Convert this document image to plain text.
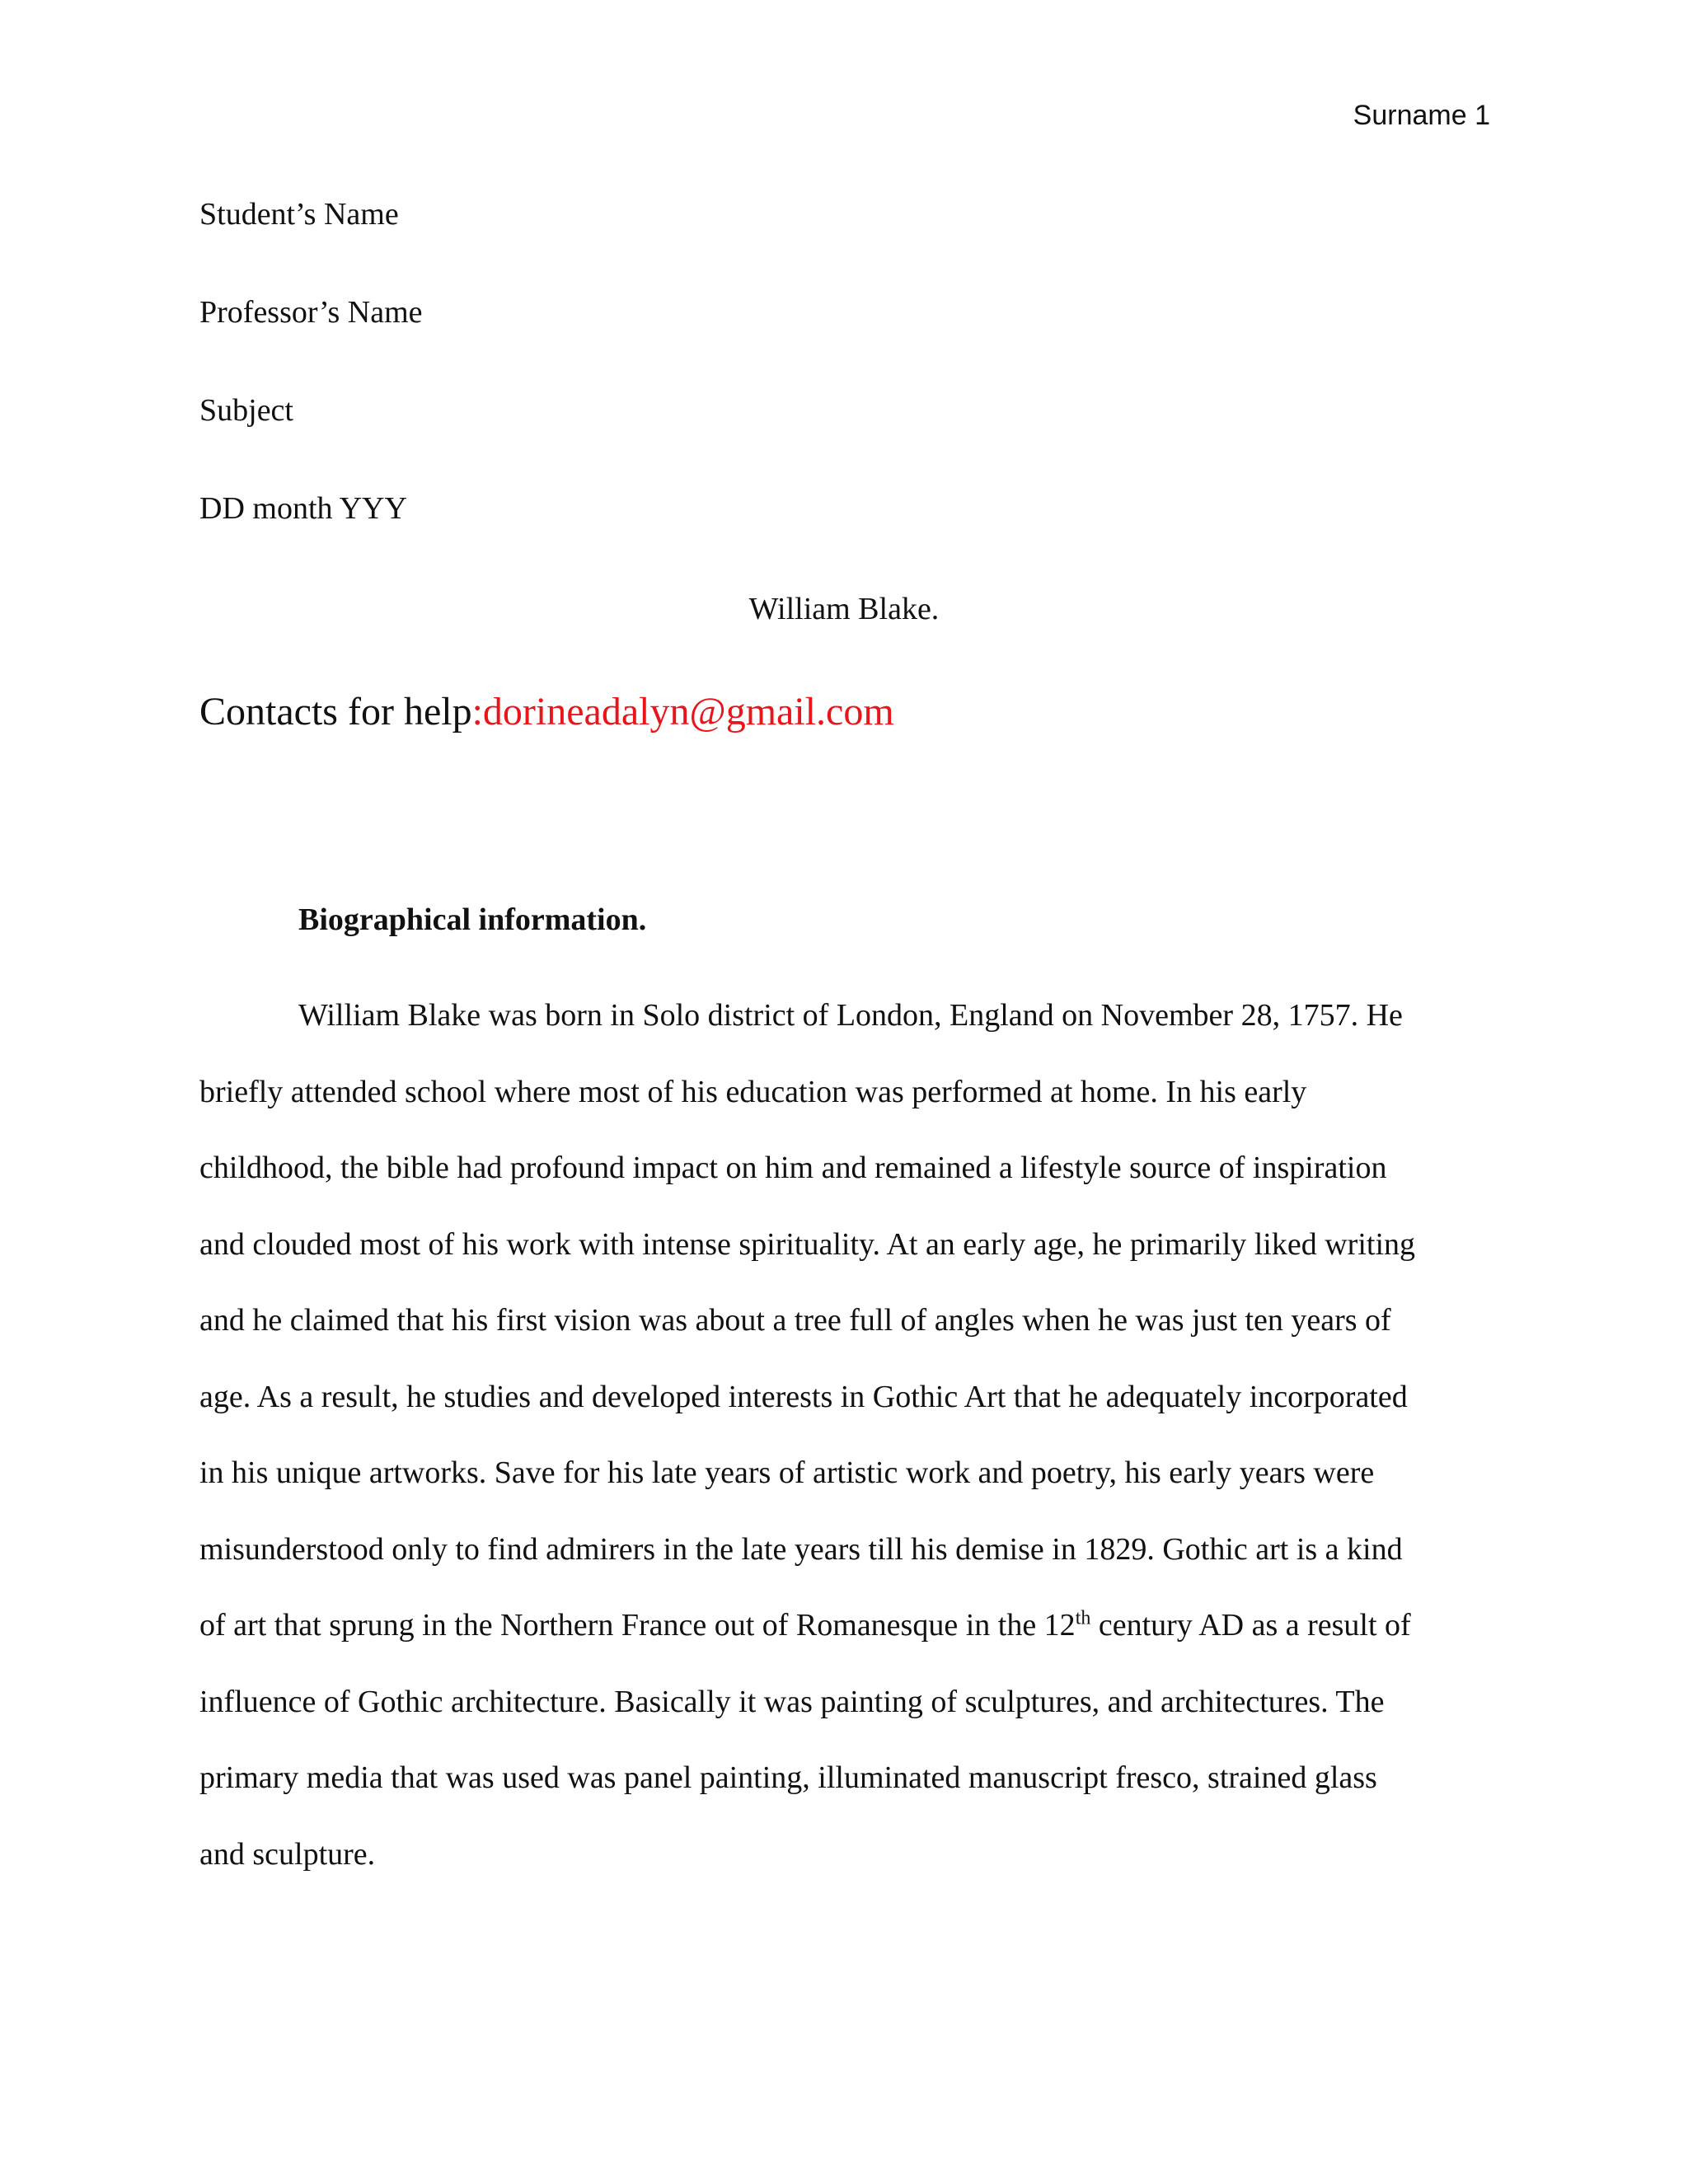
Surname 1
Student’s Name
Professor’s Name
Subject
DD month YYY
William Blake.
Contacts for help:dorineadalyn@gmail.com
Biographical information.
William Blake was born in Solo district of London, England on November 28, 1757. He
briefly attended school where most of his education was performed at home. In his early
childhood, the bible had profound impact on him and remained a lifestyle source of inspiration
and clouded most of his work with intense spirituality. At an early age, he primarily liked writing
and he claimed that his first vision was about a tree full of angles when he was just ten years of
age. As a result, he studies and developed interests in Gothic Art that he adequately incorporated
in his unique artworks. Save for his late years of artistic work and poetry, his early years were
misunderstood only to find admirers in the late years till his demise in 1829. Gothic art is a kind
of art that sprung in the Northern France out of Romanesque in the 12th century AD as a result of
influence of Gothic architecture. Basically it was painting of sculptures, and architectures. The
primary media that was used was panel painting, illuminated manuscript fresco, strained glass
and sculpture.
